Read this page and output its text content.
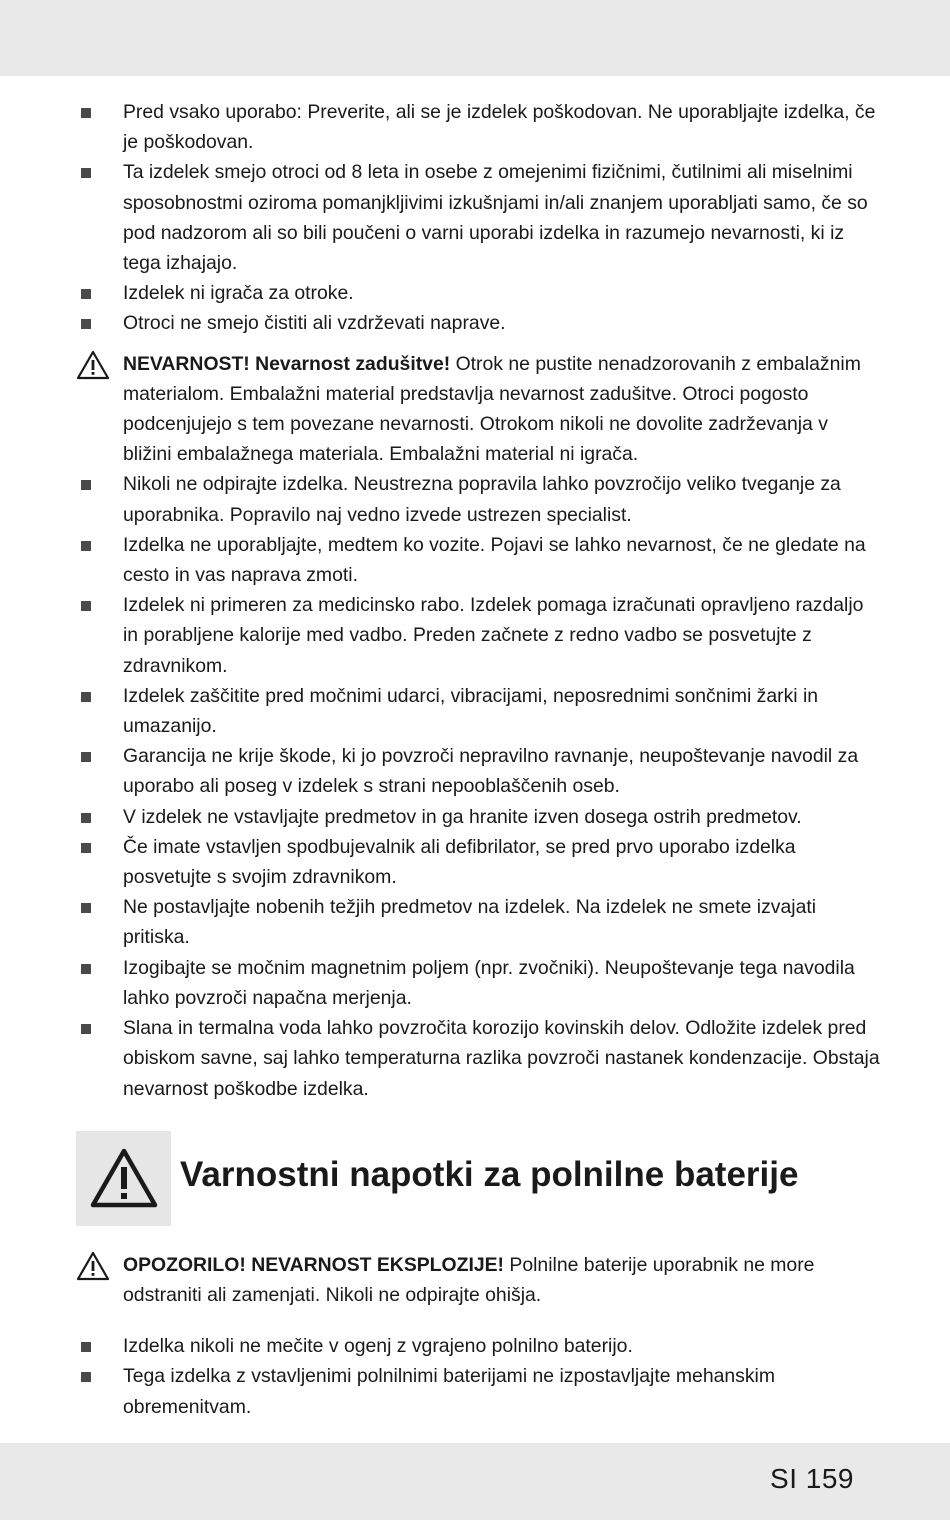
Pred vsako uporabo: Preverite, ali se je izdelek poškodovan. Ne uporabljajte izdelka, če je poškodovan.

Ta izdelek smejo otroci od 8 leta in osebe z omejenimi fizičnimi, čutilnimi ali miselnimi sposobnostmi oziroma pomanjkljivimi izkušnjami in/ali znanjem uporabljati samo, če so pod nadzorom ali so bili poučeni o varni uporabi izdelka in razumejo nevarnosti, ki iz tega izhajajo.

Izdelek ni igrača za otroke.

Otroci ne smejo čistiti ali vzdrževati naprave.

NEVARNOST! Nevarnost zadušitve! Otrok ne pustite nenadzorovanih z embalažnim materialom. Embalažni material predstavlja nevarnost zadušitve. Otroci pogosto podcenjujejo s tem povezane nevarnosti. Otrokom nikoli ne dovolite zadrževanja v bližini embalažnega materiala. Embalažni material ni igrača.

Nikoli ne odpirajte izdelka. Neustrezna popravila lahko povzročijo veliko tveganje za uporabnika. Popravilo naj vedno izvede ustrezen specialist.

Izdelka ne uporabljajte, medtem ko vozite. Pojavi se lahko nevarnost, če ne gledate na cesto in vas naprava zmoti.

Izdelek ni primeren za medicinsko rabo. Izdelek pomaga izračunati opravljeno razdaljo in porabljene kalorije med vadbo. Preden začnete z redno vadbo se posvetujte z zdravnikom.

Izdelek zaščitite pred močnimi udarci, vibracijami, neposrednimi sončnimi žarki in umazanijo.

Garancija ne krije škode, ki jo povzroči nepravilno ravnanje, neupoštevanje navodil za uporabo ali poseg v izdelek s strani nepooblaščenih oseb.

V izdelek ne vstavljajte predmetov in ga hranite izven dosega ostrih predmetov.

Če imate vstavljen spodbujevalnik ali defibrilator, se pred prvo uporabo izdelka posvetujte s svojim zdravnikom.

Ne postavljajte nobenih težjih predmetov na izdelek. Na izdelek ne smete izvajati pritiska.

Izogibajte se močnim magnetnim poljem (npr. zvočniki). Neupoštevanje tega navodila lahko povzroči napačna merjenja.

Slana in termalna voda lahko povzročita korozijo kovinskih delov. Odložite izdelek pred obiskom savne, saj lahko temperaturna razlika povzroči nastanek kondenzacije. Obstaja nevarnost poškodbe izdelka.

Varnostni napotki za polnilne baterije

OPOZORILO! NEVARNOST EKSPLOZIJE! Polnilne baterije uporabnik ne more odstraniti ali zamenjati. Nikoli ne odpirajte ohišja.

Izdelka nikoli ne mečite v ogenj z vgrajeno polnilno baterijo.

Tega izdelka z vstavljenimi polnilnimi baterijami ne izpostavljajte mehanskim obremenitvam.

SI 159
